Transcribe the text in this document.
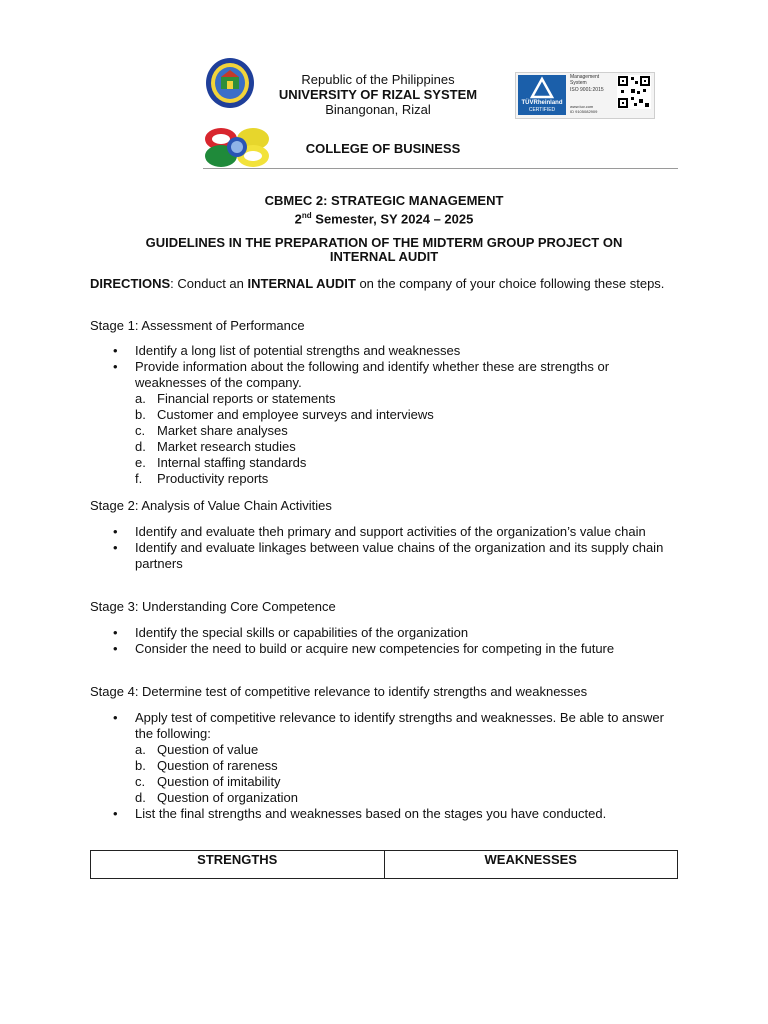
Republic of the Philippines
UNIVERSITY OF RIZAL SYSTEM
Binangonan, Rizal	TÜVRheinland
CERTIFIED
Management
System
ISO 9001:2015
www.tuv.com
ID 9105082909
COLLEGE OF BUSINESS
CBMEC 2: STRATEGIC MANAGEMENT
2nd Semester, SY 2024 – 2025
GUIDELINES IN THE PREPARATION OF THE MIDTERM GROUP PROJECT ON
INTERNAL AUDIT
DIRECTIONS: Conduct an INTERNAL AUDIT on the company of your choice following these steps.
Stage 1: Assessment of Performance
• Identify a long list of potential strengths and weaknesses
• Provide information about the following and identify whether these are strengths or weaknesses of the company.
a. Financial reports or statements
b. Customer and employee surveys and interviews
c. Market share analyses
d. Market research studies
e. Internal staffing standards
f. Productivity reports
Stage 2: Analysis of Value Chain Activities
• Identify and evaluate theh primary and support activities of the organization’s value chain
• Identify and evaluate linkages between value chains of the organization and its supply chain partners
Stage 3: Understanding Core Competence
• Identify the special skills or capabilities of the organization
• Consider the need to build or acquire new competencies for competing in the future
Stage 4: Determine test of competitive relevance to identify strengths and weaknesses
• Apply test of competitive relevance to identify strengths and weaknesses. Be able to answer the following:
a. Question of value
b. Question of rareness
c. Question of imitability
d. Question of organization
• List the final strengths and weaknesses based on the stages you have conducted.
STRENGTHS	WEAKNESSES
